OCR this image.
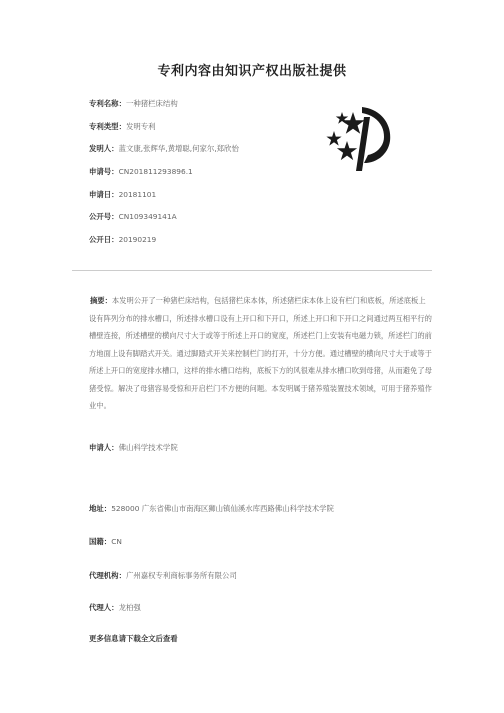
专利内容由知识产权出版社提供
专利名称：一种猪栏床结构
专利类型：发明专利
发明人：蓝文康,张辉华,黄增聪,何家尔,郑欣怡
申请号：CN201811293896.1
申请日：20181101
公开号：CN109349141A
公开日：20190219
摘要：本发明公开了一种猪栏床结构，包括猪栏床本体，所述猪栏床本体上设有栏门和底板，所述底板上设有阵列分布的排水槽口，所述排水槽口设有上开口和下开口，所述上开口和下开口之间通过两互相平行的槽壁连接，所述槽壁的横向尺寸大于或等于所述上开口的宽度，所述栏门上安装有电磁力锁，所述栏门的前方地面上设有脚踏式开关。通过脚踏式开关来控制栏门的打开，十分方便。通过槽壁的横向尺寸大于或等于所述上开口的宽度排水槽口，这样的排水槽口结构，底板下方的风很难从排水槽口吹到母猪，从而避免了母猪受惊。解决了母猪容易受惊和开启栏门不方便的问题。本发明属于猪养殖装置技术领域，可用于猪养殖作业中。
申请人：佛山科学技术学院
地址：528000 广东省佛山市南海区狮山镇仙溪水库西路佛山科学技术学院
国籍：CN
代理机构：广州嘉权专利商标事务所有限公司
代理人：龙柏强
更多信息请下载全文后查看
